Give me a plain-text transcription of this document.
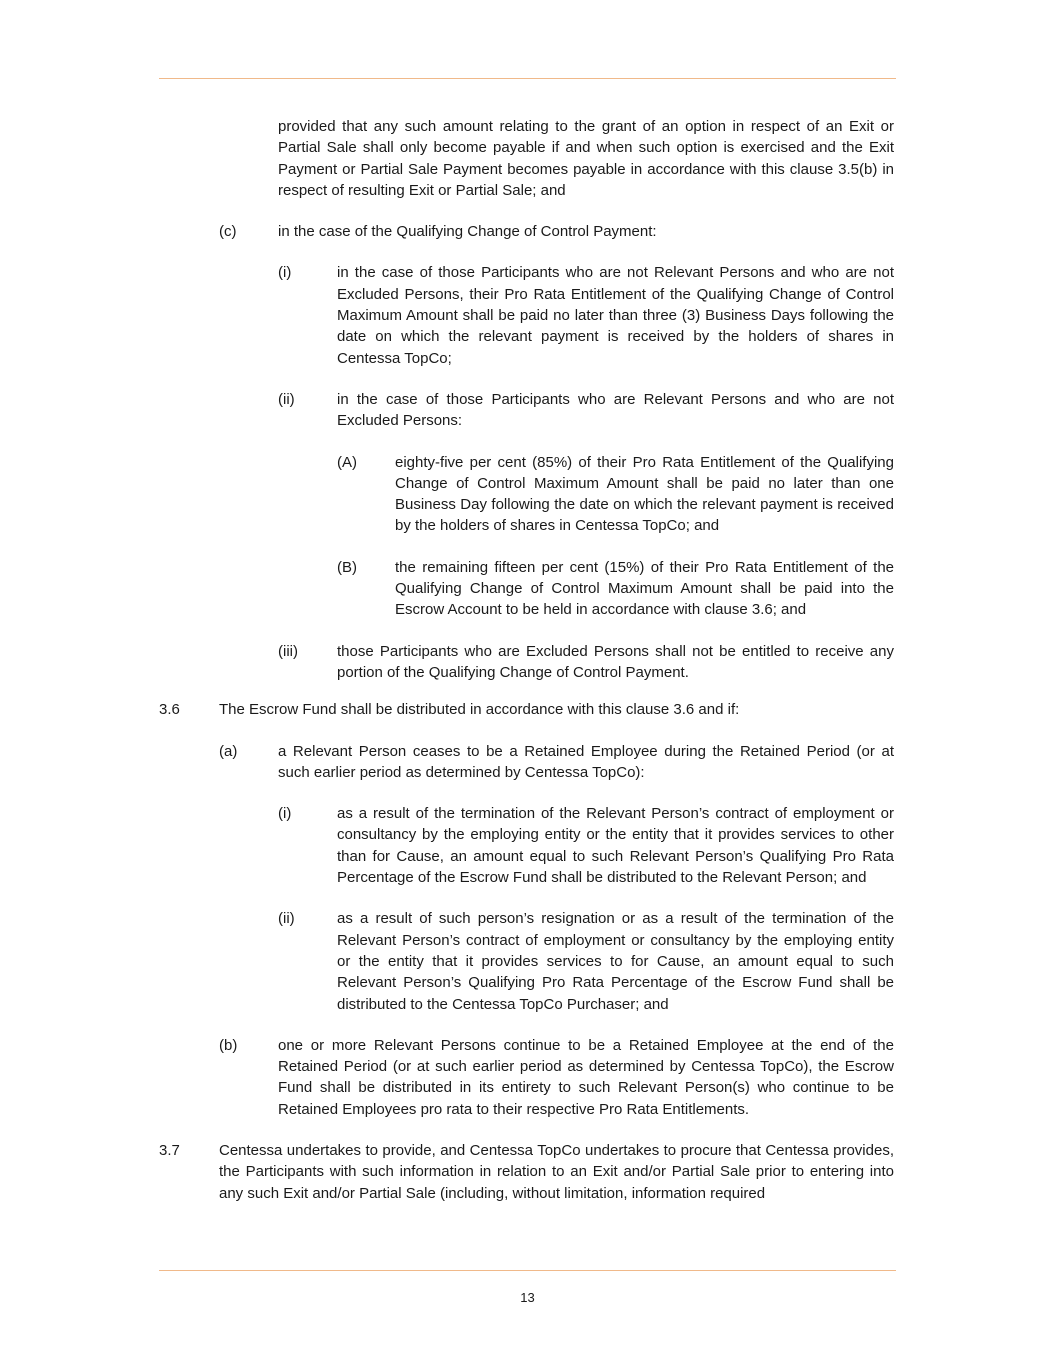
provided that any such amount relating to the grant of an option in respect of an Exit or Partial Sale shall only become payable if and when such option is exercised and the Exit Payment or Partial Sale Payment becomes payable in accordance with this clause 3.5(b) in respect of resulting Exit or Partial Sale; and
(c)	in the case of the Qualifying Change of Control Payment:
(i)	in the case of those Participants who are not Relevant Persons and who are not Excluded Persons, their Pro Rata Entitlement of the Qualifying Change of Control Maximum Amount shall be paid no later than three (3) Business Days following the date on which the relevant payment is received by the holders of shares in Centessa TopCo;
(ii)	in the case of those Participants who are Relevant Persons and who are not Excluded Persons:
(A)	eighty-five per cent (85%) of their Pro Rata Entitlement of the Qualifying Change of Control Maximum Amount shall be paid no later than one Business Day following the date on which the relevant payment is received by the holders of shares in Centessa TopCo; and
(B)	the remaining fifteen per cent (15%) of their Pro Rata Entitlement of the Qualifying Change of Control Maximum Amount shall be paid into the Escrow Account to be held in accordance with clause 3.6; and
(iii)	those Participants who are Excluded Persons shall not be entitled to receive any portion of the Qualifying Change of Control Payment.
3.6	The Escrow Fund shall be distributed in accordance with this clause 3.6 and if:
(a)	a Relevant Person ceases to be a Retained Employee during the Retained Period (or at such earlier period as determined by Centessa TopCo):
(i)	as a result of the termination of the Relevant Person’s contract of employment or consultancy by the employing entity or the entity that it provides services to other than for Cause, an amount equal to such Relevant Person’s Qualifying Pro Rata Percentage of the Escrow Fund shall be distributed to the Relevant Person; and
(ii)	as a result of such person’s resignation or as a result of the termination of the Relevant Person’s contract of employment or consultancy by the employing entity or the entity that it provides services to for Cause, an amount equal to such Relevant Person’s Qualifying Pro Rata Percentage of the Escrow Fund shall be distributed to the Centessa TopCo Purchaser; and
(b)	one or more Relevant Persons continue to be a Retained Employee at the end of the Retained Period (or at such earlier period as determined by Centessa TopCo), the Escrow Fund shall be distributed in its entirety to such Relevant Person(s) who continue to be Retained Employees pro rata to their respective Pro Rata Entitlements.
3.7	Centessa undertakes to provide, and Centessa TopCo undertakes to procure that Centessa provides, the Participants with such information in relation to an Exit and/or Partial Sale prior to entering into any such Exit and/or Partial Sale (including, without limitation, information required
13
